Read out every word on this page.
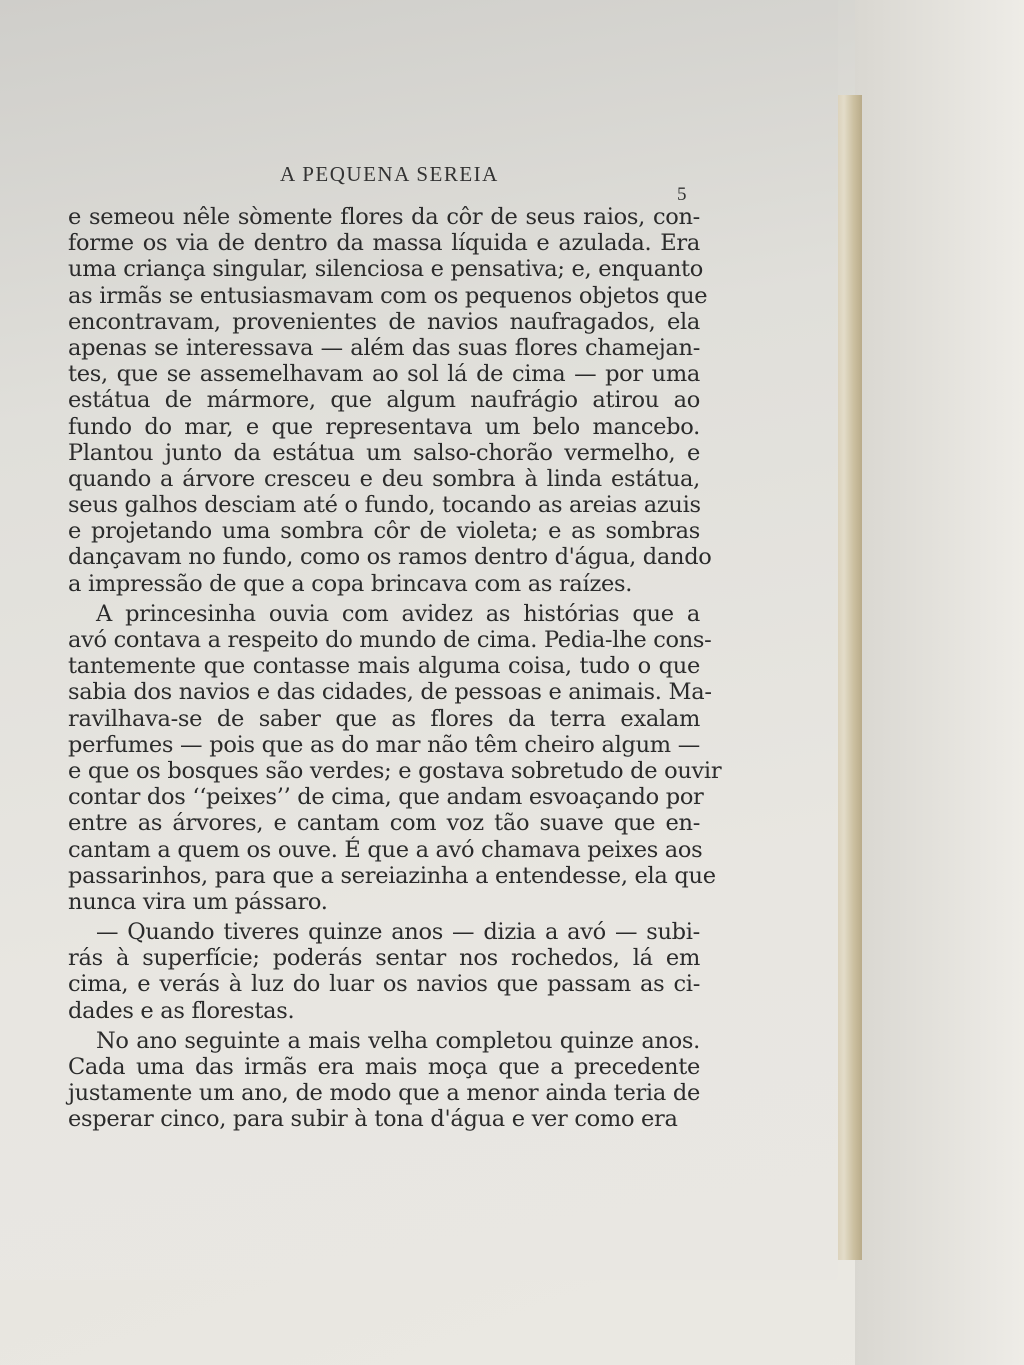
A PEQUENA SEREIA
5
e semeou nêle sòmente flores da côr de seus raios, con-
forme os via de dentro da massa líquida e azulada. Era
uma criança singular, silenciosa e pensativa; e, enquanto
as irmãs se entusiasmavam com os pequenos objetos que
encontravam, provenientes de navios naufragados, ela
apenas se interessava — além das suas flores chamejan-
tes, que se assemelhavam ao sol lá de cima — por uma
estátua de mármore, que algum naufrágio atirou ao
fundo do mar, e que representava um belo mancebo.
Plantou junto da estátua um salso-chorão vermelho, e
quando a árvore cresceu e deu sombra à linda estátua,
seus galhos desciam até o fundo, tocando as areias azuis
e projetando uma sombra côr de violeta; e as sombras
dançavam no fundo, como os ramos dentro d'água, dando
a impressão de que a copa brincava com as raízes.
A princesinha ouvia com avidez as histórias que a
avó contava a respeito do mundo de cima. Pedia-lhe cons-
tantemente que contasse mais alguma coisa, tudo o que
sabia dos navios e das cidades, de pessoas e animais. Ma-
ravilhava-se de saber que as flores da terra exalam
perfumes — pois que as do mar não têm cheiro algum —
e que os bosques são verdes; e gostava sobretudo de ouvir
contar dos ‘‘peixes’’ de cima, que andam esvoaçando por
entre as árvores, e cantam com voz tão suave que en-
cantam a quem os ouve. É que a avó chamava peixes aos
passarinhos, para que a sereiazinha a entendesse, ela que
nunca vira um pássaro.
— Quando tiveres quinze anos — dizia a avó — subi-
rás à superfície; poderás sentar nos rochedos, lá em
cima, e verás à luz do luar os navios que passam as ci-
dades e as florestas.
No ano seguinte a mais velha completou quinze anos.
Cada uma das irmãs era mais moça que a precedente
justamente um ano, de modo que a menor ainda teria de
esperar cinco, para subir à tona d'água e ver como era
